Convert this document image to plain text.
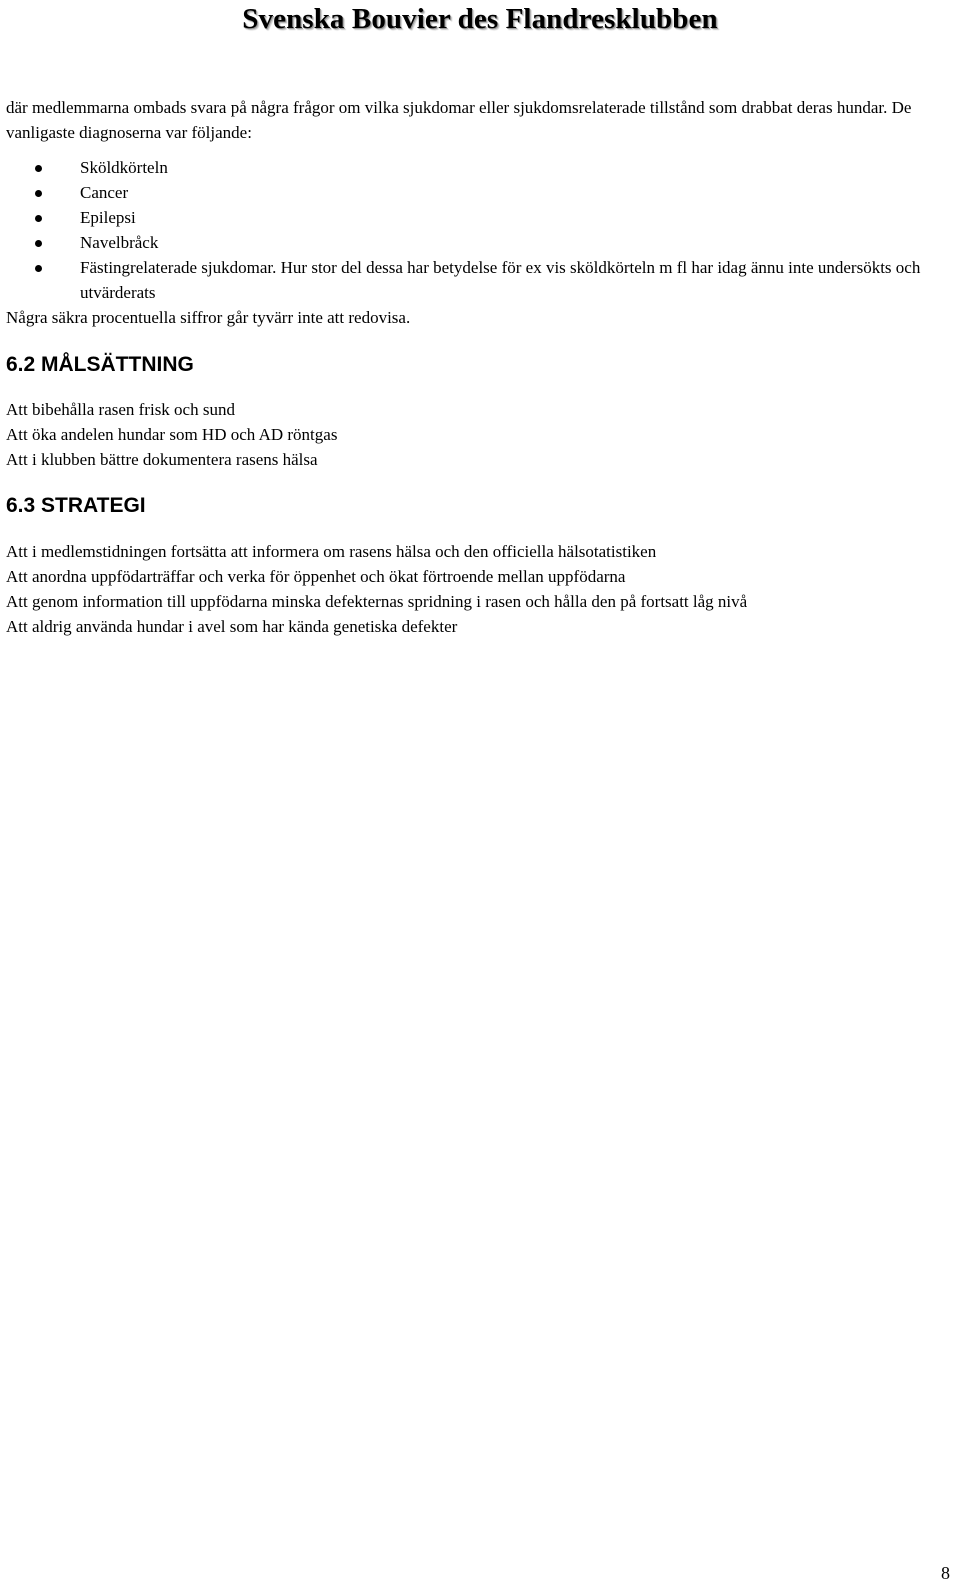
Svenska Bouvier des Flandresklubben

där medlemmarna ombads svara på några frågor om vilka sjukdomar eller sjukdomsrelaterade tillstånd som drabbat deras hundar. De vanligaste diagnoserna var följande:

Sköldkörteln
Cancer
Epilepsi
Navelbråck
Fästingrelaterade sjukdomar. Hur stor del dessa har betydelse för ex vis sköldkörteln m fl har idag ännu inte undersökts och utvärderats

Några säkra procentuella siffror går tyvärr inte att redovisa.

6.2 MÅLSÄTTNING
Att bibehålla rasen frisk och sund
Att öka andelen hundar som HD och AD röntgas
Att i klubben bättre dokumentera rasens hälsa
6.3 STRATEGI
Att i medlemstidningen fortsätta att informera om rasens hälsa och den officiella hälsotatistiken
Att anordna uppfödarträffar och verka för öppenhet och ökat förtroende mellan uppfödarna
Att genom information till uppfödarna minska defekternas spridning i rasen och hålla den på fortsatt låg nivå
Att aldrig använda hundar i avel som har kända genetiska defekter
8
